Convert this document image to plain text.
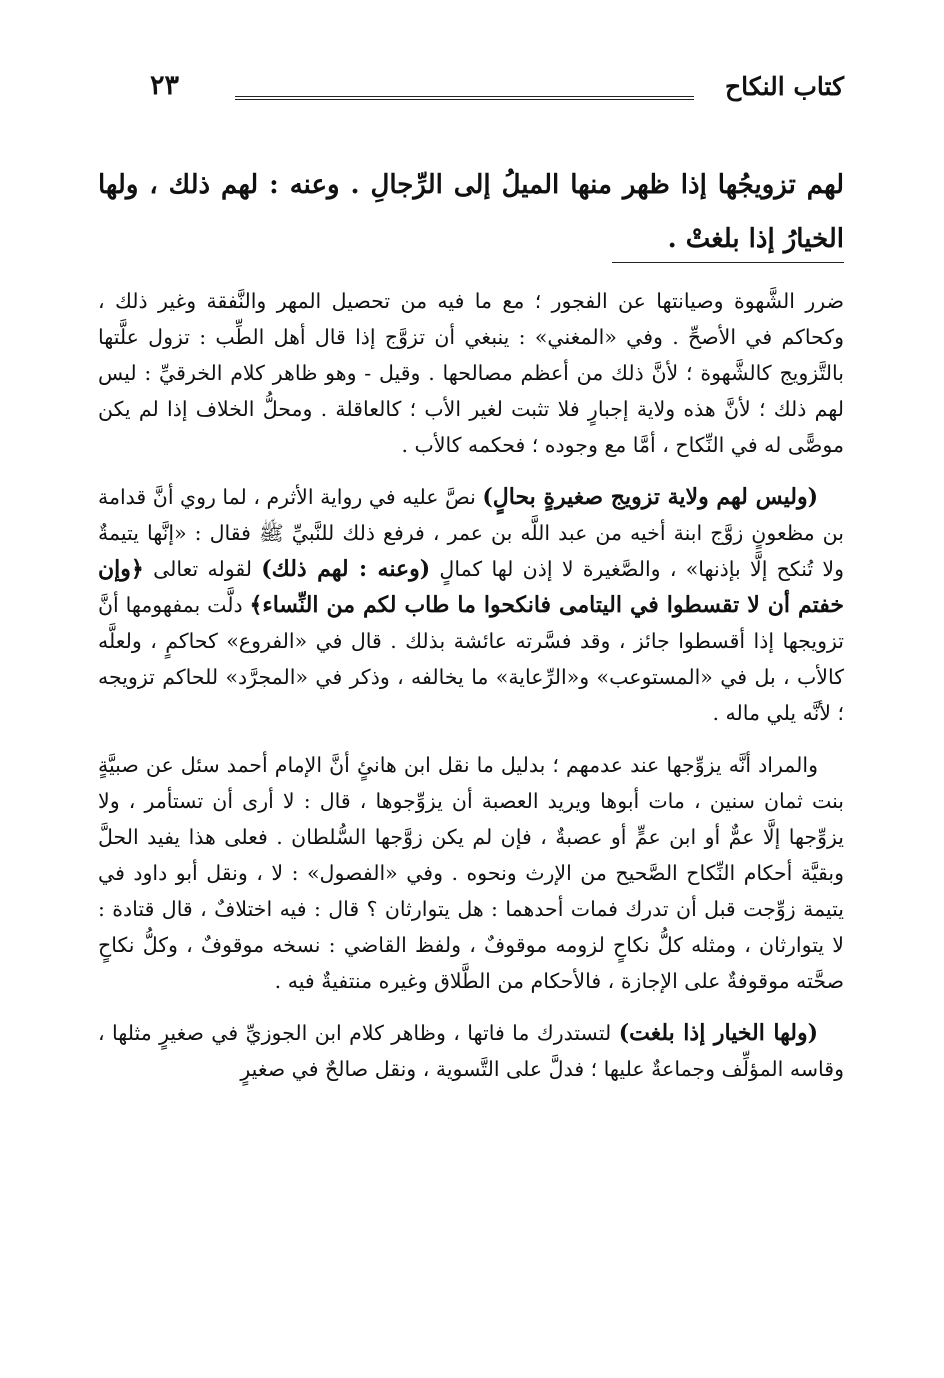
كتاب النكاح
٢٣
لهم تزويجُها إذا ظهر منها الميلُ إلى الرِّجالِ . وعنه : لهم ذلك ، ولها الخيارُ إذا بلغتْ .

ضرر الشَّهوة وصيانتها عن الفجور ؛ مع ما فيه من تحصيل المهر والنَّفقة وغير ذلك ، وكحاكم في الأصحِّ . وفي «المغني» : ينبغي أن تزوَّج إذا قال أهل الطِّب : تزول علَّتها بالتَّزويج كالشَّهوة ؛ لأنَّ ذلك من أعظم مصالحها . وقيل - وهو ظاهر كلام الخرقيِّ : ليس لهم ذلك ؛ لأنَّ هذه ولاية إجبارٍ فلا تثبت لغير الأب ؛ كالعاقلة . ومحلُّ الخلاف إذا لم يكن موصًّى له في النِّكاح ، أمَّا مع وجوده ؛ فحكمه كالأب .

(وليس لهم ولاية تزويج صغيرةٍ بحالٍ) نصَّ عليه في رواية الأثرم ، لما روي أنَّ قدامة بن مظعونٍ زوَّج ابنة أخيه من عبد اللَّه بن عمر ، فرفع ذلك للنَّبيِّ ﷺ فقال : «إنَّها يتيمةٌ ولا تُنكح إلَّا بإذنها» ، والصَّغيرة لا إذن لها كمالٍ (وعنه : لهم ذلك) لقوله تعالى ﴿وإن خفتم أن لا تقسطوا في اليتامى فانكحوا ما طاب لكم من النِّساء﴾ دلَّت بمفهومها أنَّ تزويجها إذا أقسطوا جائز ، وقد فسَّرته عائشة بذلك . قال في «الفروع» كحاكمٍ ، ولعلَّه كالأب ، بل في «المستوعب» و«الرِّعاية» ما يخالفه ، وذكر في «المجرَّد» للحاكم تزويجه ؛ لأنَّه يلي ماله .

والمراد أنَّه يزوِّجها عند عدمهم ؛ بدليل ما نقل ابن هانئٍ أنَّ الإمام أحمد سئل عن صبيَّةٍ بنت ثمان سنين ، مات أبوها ويريد العصبة أن يزوِّجوها ، قال : لا أرى أن تستأمر ، ولا يزوِّجها إلَّا عمٌّ أو ابن عمٍّ أو عصبةٌ ، فإن لم يكن زوَّجها السُّلطان . فعلى هذا يفيد الحلَّ وبقيَّة أحكام النِّكاح الصَّحيح من الإرث ونحوه . وفي «الفصول» : لا ، ونقل أبو داود في يتيمة زوِّجت قبل أن تدرك فمات أحدهما : هل يتوارثان ؟ قال : فيه اختلافٌ ، قال قتادة : لا يتوارثان ، ومثله كلُّ نكاحٍ لزومه موقوفٌ ، ولفظ القاضي : نسخه موقوفٌ ، وكلُّ نكاحٍ صحَّته موقوفةٌ على الإجازة ، فالأحكام من الطَّلاق وغيره منتفيةٌ فيه .

(ولها الخيار إذا بلغت) لتستدرك ما فاتها ، وظاهر كلام ابن الجوزيِّ في صغيرٍ مثلها ، وقاسه المؤلِّف وجماعةٌ عليها ؛ فدلَّ على التَّسوية ، ونقل صالحٌ في صغيرٍ
